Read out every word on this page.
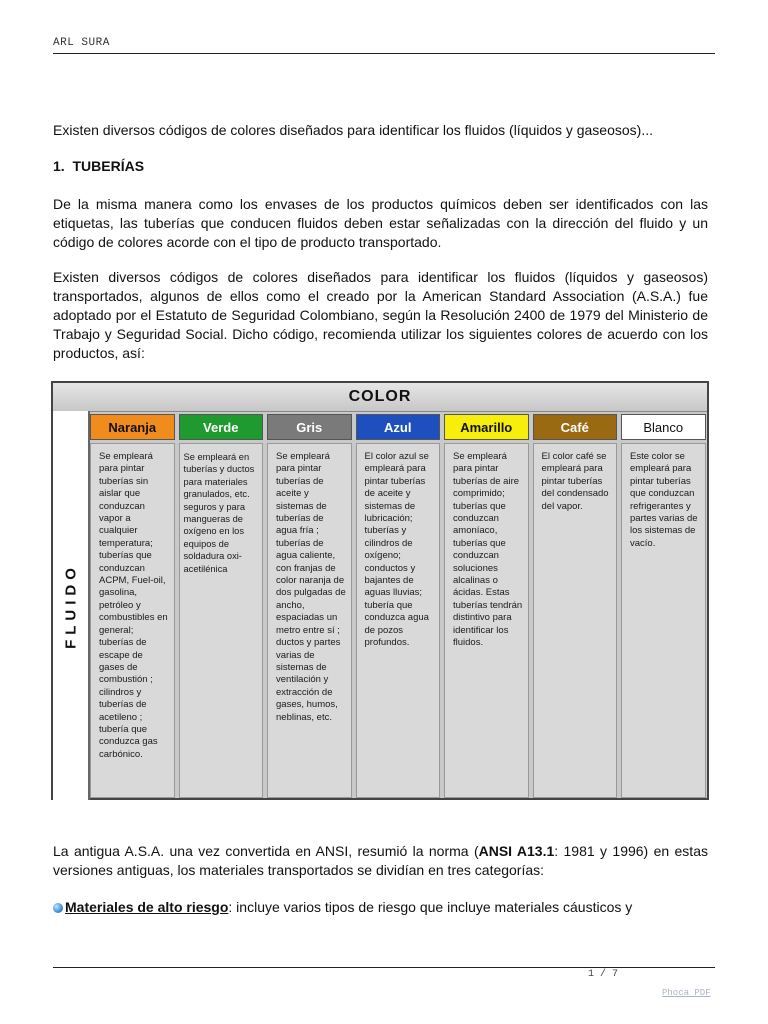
ARL SURA
Existen diversos códigos de colores diseñados para identificar los fluidos (líquidos y gaseosos)...
1. TUBERÍAS
De la misma manera como los envases de los productos químicos deben ser identificados con las etiquetas, las tuberías que conducen fluidos deben estar señalizadas con la dirección del fluido y un código de colores acorde con el tipo de producto transportado.
Existen diversos códigos de colores diseñados para identificar los fluidos (líquidos y gaseosos) transportados, algunos de ellos como el creado por la American Standard Association (A.S.A.) fue adoptado por el Estatuto de Seguridad Colombiano, según la Resolución 2400 de 1979 del Ministerio de Trabajo y Seguridad Social. Dicho código, recomienda utilizar los siguientes colores de acuerdo con los productos, así:
COLOR
FLUIDO
Naranja
Se empleará para pintar tuberías sin aislar que conduzcan vapor a cualquier temperatura; tuberías que conduzcan ACPM, Fuel-oil, gasolina, petróleo y combustibles en general; tuberías de escape de gases de combustión ; cilindros y tuberías de acetileno ; tubería que conduzca gas carbónico.
Verde
Se empleará en tuberías y ductos para materiales granulados, etc. seguros y para mangueras de oxígeno en los equipos de soldadura oxi-acetilénica
Gris
Se empleará para pintar tuberías de aceite y sistemas de tuberías de agua fría ; tuberías de agua caliente, con franjas de color naranja de dos pulgadas de ancho, espaciadas un metro entre sí ; ductos y partes varias de sistemas de ventilación y extracción de gases, humos, neblinas, etc.
Azul
El color azul se empleará para pintar tuberías de aceite y sistemas de lubricación; tuberías y cilindros de oxígeno; conductos y bajantes de aguas lluvias; tubería que conduzca agua de pozos profundos.
Amarillo
Se empleará para pintar tuberías de aire comprimido; tuberías que conduzcan amoníaco, tuberías que conduzcan soluciones alcalinas o ácidas. Estas tuberías tendrán distintivo para identificar los fluidos.
Café
El color café se empleará para pintar tuberías del condensado del vapor.
Blanco
Este color se empleará para pintar tuberías que conduzcan refrigerantes y partes varias de los sistemas de vacío.
La antigua A.S.A. una vez convertida en ANSI, resumió la norma (ANSI A13.1: 1981 y 1996) en estas versiones antiguas, los materiales transportados se dividían en tres categorías:
Materiales de alto riesgo: incluye varios tipos de riesgo que incluye materiales cáusticos y
1 / 7
Phoca PDF
